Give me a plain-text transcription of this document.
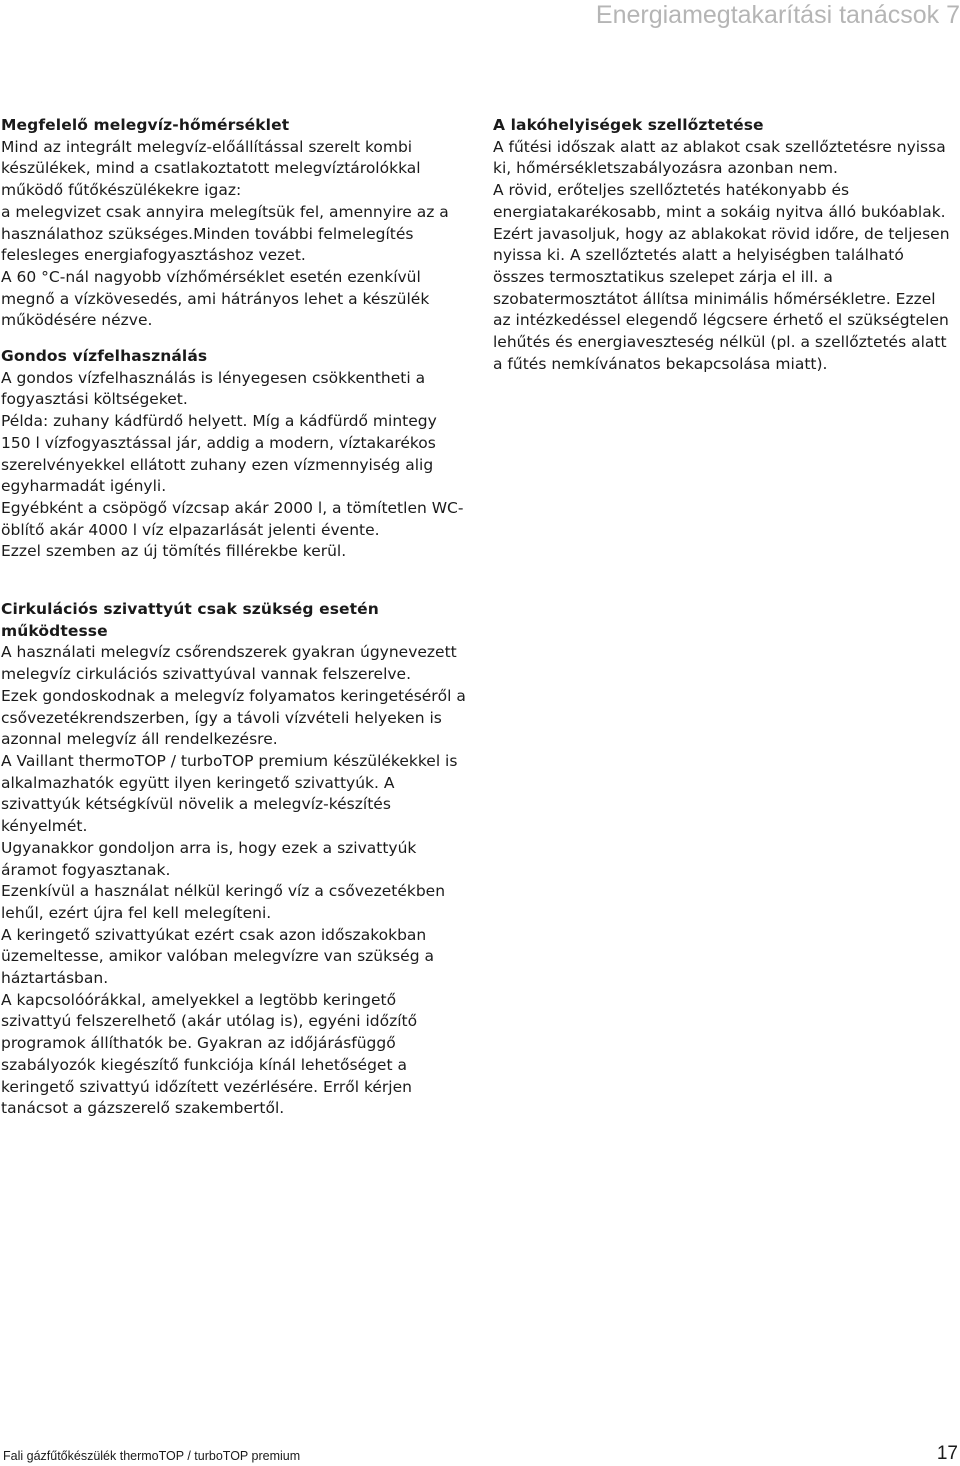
Energiamegtakarítási tanácsok 7
Megfelelő melegvíz-hőmérséklet

Mind az integrált melegvíz-előállítással szerelt kombi készülékek, mind a csatlakoztatott melegvíztárolókkal működő fűtőkészülékekre igaz:

a melegvizet csak annyira melegítsük fel, amennyire az a használathoz szükséges.Minden további felmelegítés felesleges energiafogyasztáshoz vezet.

A 60 °C-nál nagyobb vízhőmérséklet esetén ezenkívül megnő a vízkövesedés, ami hátrányos lehet a készülék működésére nézve.

Gondos vízfelhasználás

A gondos vízfelhasználás is lényegesen csökkentheti a fogyasztási költségeket.

Példa: zuhany kádfürdő helyett. Míg a kádfürdő mintegy 150 l vízfogyasztással jár, addig a modern, víztakarékos szerelvényekkel ellátott zuhany ezen vízmennyiség alig egyharmadát igényli.

Egyébként a csöpögő vízcsap akár 2000 l, a tömítetlen WC-öblítő akár 4000 l víz elpazarlását jelenti évente.

Ezzel szemben az új tömítés fillérekbe kerül.

Cirkulációs szivattyút csak szükség esetén működtesse

A használati melegvíz csőrendszerek gyakran úgynevezett melegvíz cirkulációs szivattyúval vannak felszerelve.

Ezek gondoskodnak a melegvíz folyamatos keringetéséről a csővezetékrendszerben, így a távoli vízvételi helyeken is azonnal melegvíz áll rendelkezésre.

A Vaillant thermoTOP / turboTOP premium készülékekkel is alkalmazhatók együtt ilyen keringető szivattyúk. A szivattyúk kétségkívül növelik a melegvíz-készítés kényelmét.

Ugyanakkor gondoljon arra is, hogy ezek a szivattyúk áramot fogyasztanak.

Ezenkívül a használat nélkül keringő víz a csővezetékben lehűl, ezért újra fel kell melegíteni.

A keringető szivattyúkat ezért csak azon időszakokban üzemeltesse, amikor valóban melegvízre van szükség a háztartásban.

A kapcsolóórákkal, amelyekkel a legtöbb keringető szivattyú felszerelhető (akár utólag is), egyéni időzítő programok állíthatók be. Gyakran az időjárásfüggő szabályozók kiegészítő funkciója kínál lehetőséget a keringető szivattyú időzített vezérlésére. Erről kérjen tanácsot a gázszerelő szakembertől.

A lakóhelyiségek szellőztetése

A fűtési időszak alatt az ablakot csak szellőztetésre nyissa ki, hőmérsékletszabályozásra azonban nem.

A rövid, erőteljes szellőztetés hatékonyabb és energiatakarékosabb, mint a sokáig nyitva álló bukóablak. Ezért javasoljuk, hogy az ablakokat rövid időre, de teljesen nyissa ki. A szellőztetés alatt a helyiségben található összes termosztatikus szelepet zárja el ill. a szobatermosztátot állítsa minimális hőmérsékletre. Ezzel az intézkedéssel elegendő légcsere érhető el szükségtelen lehűtés és energiaveszteség nélkül (pl. a szellőztetés alatt a fűtés nemkívánatos bekapcsolása miatt).

Fali gázfűtőkészülék thermoTOP / turboTOP premium	17
